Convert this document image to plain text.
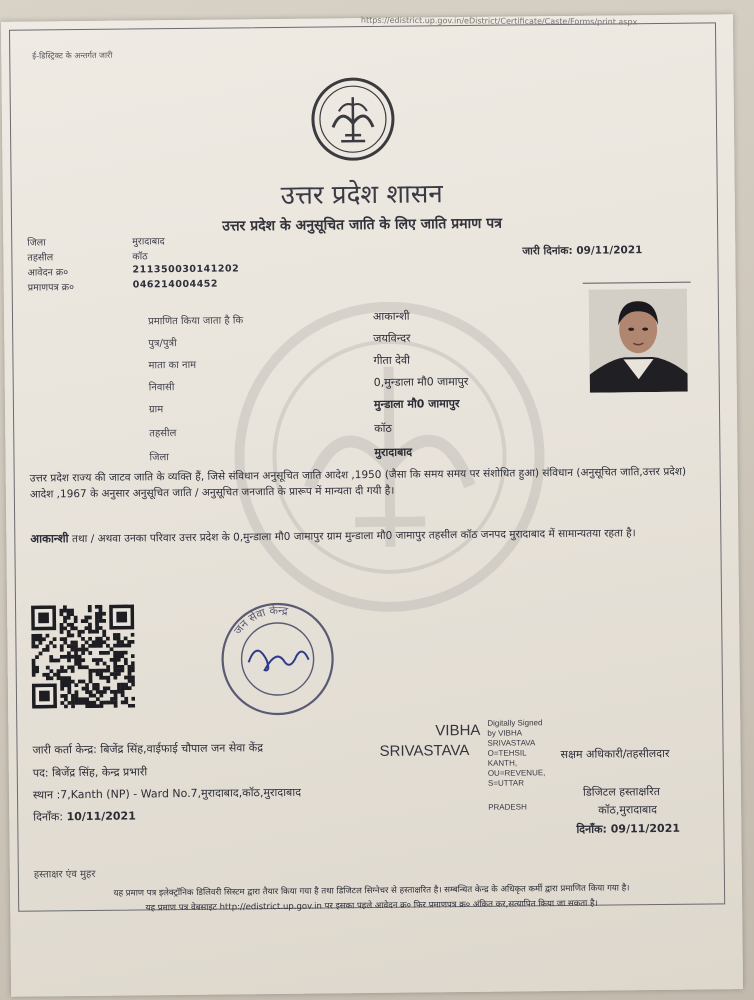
https://edistrict.up.gov.in/eDistrict/Certificate/Caste/Forms/print.aspx
ई-डिस्ट्रिक्ट के अन्तर्गत जारी
उत्तर प्रदेश शासन
उत्तर प्रदेश के अनुसूचित जाति के लिए जाति प्रमाण पत्र
जिला	मुरादाबाद
तहसील	कॉठ
आवेदन क्र०	211350030141202
प्रमाणपत्र क्र०	046214004452
जारी दिनांक: 09/11/2021
प्रमाणित किया जाता है कि	आकान्शी
पुत्र/पुत्री	जयविन्दर
माता का नाम	गीता देवी
निवासी	0,मुन्डाला मौ0 जामापुर
ग्राम	मुन्डाला मौ0 जामापुर
तहसील	कॉठ
जिला	मुरादाबाद
उत्तर प्रदेश राज्य की जाटव जाति के व्यक्ति हैं, जिसे संविधान अनुसूचित जाति आदेश ,1950 (जैसा कि समय समय पर संशोधित हुआ) संविधान (अनुसूचित जाति,उत्तर प्रदेश) आदेश ,1967 के अनुसार अनुसूचित जाति / अनुसूचित जनजाति के प्रारूप में मान्यता दी गयी है।
आकान्शी तथा / अथवा उनका परिवार उत्तर प्रदेश के 0,मुन्डाला मौ0 जामापुर ग्राम मुन्डाला मौ0 जामापुर तहसील कॉठ जनपद मुरादाबाद में सामान्यतया रहता है।
जन सेवा केन्द्र
जारी कर्ता केन्द्र: बिजेंद्र सिंह,वाईफाई चौपाल जन सेवा केंद्र
पद: बिजेंद्र सिंह, केन्द्र प्रभारी
स्थान :7,Kanth (NP) - Ward No.7,मुरादाबाद,कॉठ,मुरादाबाद
दिनाँक: 10/11/2021
VIBHA
SRIVASTAVA
Digitally Signed
by VIBHA
SRIVASTAVA
O=TEHSIL
KANTH,
OU=REVENUE,
S=UTTAR
PRADESH
सक्षम अधिकारी/तहसीलदार
डिजिटल हस्ताक्षरित
कॉठ,मुरादाबाद
दिनाँक: 09/11/2021
हस्ताक्षर एंव मुहर
यह प्रमाण पत्र इलेक्ट्रॉनिक डिलिवरी सिस्टम द्वारा तैयार किया गया है तथा डिजिटल सिग्नेचर से हस्ताक्षरित है। सम्बन्धित केन्द्र के अधिकृत कर्मी द्वारा प्रमाणित किया गया है।
यह प्रमाण पत्र वेबसाइट http://edistrict.up.gov.in पर इसका पहले आवेदन क्र० फिर प्रमाणपत्र क्र० अंकित कर,सत्यापित किया जा सकता है।
